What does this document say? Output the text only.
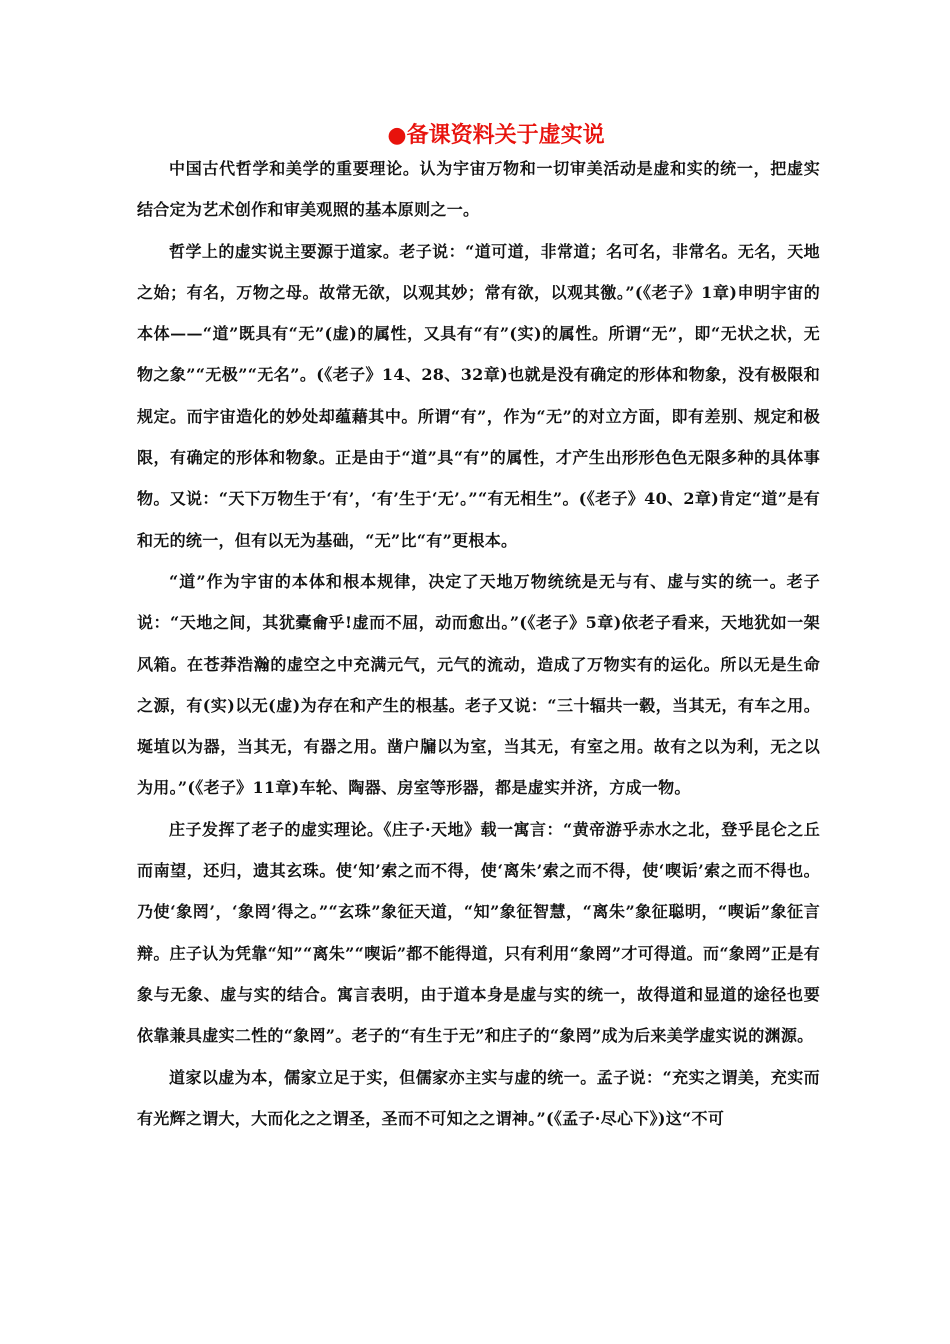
●备课资料关于虚实说

中国古代哲学和美学的重要理论。认为宇宙万物和一切审美活动是虚和实的统一，把虚实结合定为艺术创作和审美观照的基本原则之一。

哲学上的虚实说主要源于道家。老子说：“道可道，非常道；名可名，非常名。无名，天地之始；有名，万物之母。故常无欲，以观其妙；常有欲，以观其徼。”(《老子》1章)申明宇宙的本体——“道”既具有“无”(虚)的属性，又具有“有”(实)的属性。所谓“无”，即“无状之状，无物之象”“无极”“无名”。(《老子》14、28、32章)也就是没有确定的形体和物象，没有极限和规定。而宇宙造化的妙处却蕴藉其中。所谓“有”，作为“无”的对立方面，即有差别、规定和极限，有确定的形体和物象。正是由于“道”具“有”的属性，才产生出形形色色无限多种的具体事物。又说：“天下万物生于‘有’，‘有’生于‘无’。”“有无相生”。(《老子》40、2章)肯定“道”是有和无的统一，但有以无为基础，“无”比“有”更根本。

“道”作为宇宙的本体和根本规律，决定了天地万物统统是无与有、虚与实的统一。老子说：“天地之间，其犹橐龠乎!虚而不屈，动而愈出。”(《老子》5章)依老子看来，天地犹如一架风箱。在苍莽浩瀚的虚空之中充满元气，元气的流动，造成了万物实有的运化。所以无是生命之源，有(实)以无(虚)为存在和产生的根基。老子又说：“三十辐共一毂，当其无，有车之用。埏埴以为器，当其无，有器之用。凿户牖以为室，当其无，有室之用。故有之以为利，无之以为用。”(《老子》11章)车轮、陶器、房室等形器，都是虚实并济，方成一物。

庄子发挥了老子的虚实理论。《庄子·天地》载一寓言：“黄帝游乎赤水之北，登乎昆仑之丘而南望，还归，遗其玄珠。使‘知’索之而不得，使‘离朱’索之而不得，使‘喫诟’索之而不得也。乃使‘象罔’，‘象罔’得之。”“玄珠”象征天道，“知”象征智慧，“离朱”象征聪明，“喫诟”象征言辩。庄子认为凭靠“知”“离朱”“喫诟”都不能得道，只有利用“象罔”才可得道。而“象罔”正是有象与无象、虚与实的结合。寓言表明，由于道本身是虚与实的统一，故得道和显道的途径也要依靠兼具虚实二性的“象罔”。老子的“有生于无”和庄子的“象罔”成为后来美学虚实说的渊源。

道家以虚为本，儒家立足于实，但儒家亦主实与虚的统一。孟子说：“充实之谓美，充实而有光辉之谓大，大而化之之谓圣，圣而不可知之之谓神。”(《孟子·尽心下》)这“不可
